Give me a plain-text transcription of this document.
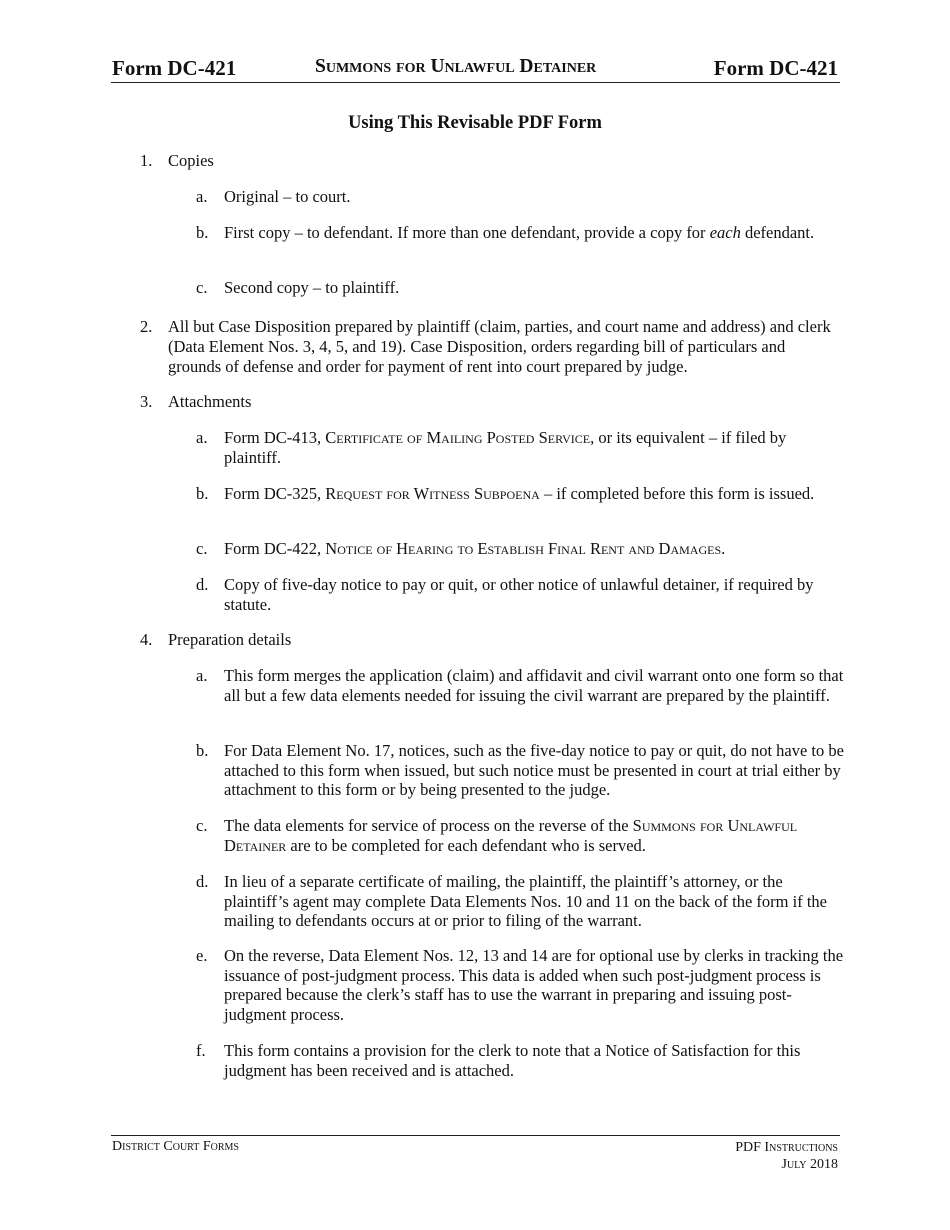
Form DC-421	Summons for Unlawful Detainer	Form DC-421
Using This Revisable PDF Form
1. Copies
a. Original – to court.
b. First copy – to defendant. If more than one defendant, provide a copy for each defendant.
c. Second copy – to plaintiff.
2. All but Case Disposition prepared by plaintiff (claim, parties, and court name and address) and clerk (Data Element Nos. 3, 4, 5, and 19). Case Disposition, orders regarding bill of particulars and grounds of defense and order for payment of rent into court prepared by judge.
3. Attachments
a. Form DC-413, Certificate of Mailing Posted Service, or its equivalent – if filed by plaintiff.
b. Form DC-325, Request for Witness Subpoena – if completed before this form is issued.
c. Form DC-422, Notice of Hearing to Establish Final Rent and Damages.
d. Copy of five-day notice to pay or quit, or other notice of unlawful detainer, if required by statute.
4. Preparation details
a. This form merges the application (claim) and affidavit and civil warrant onto one form so that all but a few data elements needed for issuing the civil warrant are prepared by the plaintiff.
b. For Data Element No. 17, notices, such as the five-day notice to pay or quit, do not have to be attached to this form when issued, but such notice must be presented in court at trial either by attachment to this form or by being presented to the judge.
c. The data elements for service of process on the reverse of the Summons for Unlawful Detainer are to be completed for each defendant who is served.
d. In lieu of a separate certificate of mailing, the plaintiff, the plaintiff’s attorney, or the plaintiff’s agent may complete Data Elements Nos. 10 and 11 on the back of the form if the mailing to defendants occurs at or prior to filing of the warrant.
e. On the reverse, Data Element Nos. 12, 13 and 14 are for optional use by clerks in tracking the issuance of post-judgment process. This data is added when such post-judgment process is prepared because the clerk’s staff has to use the warrant in preparing and issuing post-judgment process.
f. This form contains a provision for the clerk to note that a Notice of Satisfaction for this judgment has been received and is attached.
District Court Forms	PDF Instructions
July 2018
